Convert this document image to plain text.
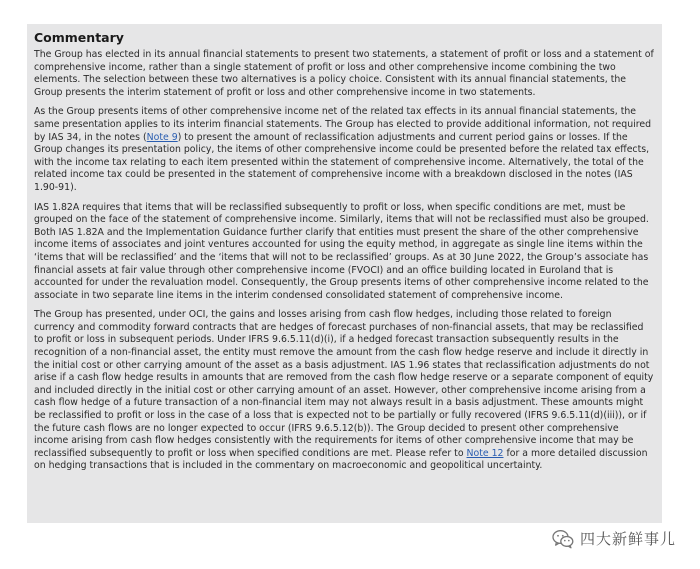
Commentary

The Group has elected in its annual financial statements to present two statements, a statement of profit or loss and a statement of comprehensive income, rather than a single statement of profit or loss and other comprehensive income combining the two elements. The selection between these two alternatives is a policy choice. Consistent with its annual financial statements, the Group presents the interim statement of profit or loss and other comprehensive income in two statements.

As the Group presents items of other comprehensive income net of the related tax effects in its annual financial statements, the same presentation applies to its interim financial statements. The Group has elected to provide additional information, not required by IAS 34, in the notes (Note 9) to present the amount of reclassification adjustments and current period gains or losses. If the Group changes its presentation policy, the items of other comprehensive income could be presented before the related tax effects, with the income tax relating to each item presented within the statement of comprehensive income. Alternatively, the total of the related income tax could be presented in the statement of comprehensive income with a breakdown disclosed in the notes (IAS 1.90-91).

IAS 1.82A requires that items that will be reclassified subsequently to profit or loss, when specific conditions are met, must be grouped on the face of the statement of comprehensive income. Similarly, items that will not be reclassified must also be grouped. Both IAS 1.82A and the Implementation Guidance further clarify that entities must present the share of the other comprehensive income items of associates and joint ventures accounted for using the equity method, in aggregate as single line items within the ‘items that will be reclassified’ and the ‘items that will not to be reclassified’ groups. As at 30 June 2022, the Group’s associate has financial assets at fair value through other comprehensive income (FVOCI) and an office building located in Euroland that is accounted for under the revaluation model. Consequently, the Group presents items of other comprehensive income related to the associate in two separate line items in the interim condensed consolidated statement of comprehensive income.

The Group has presented, under OCI, the gains and losses arising from cash flow hedges, including those related to foreign currency and commodity forward contracts that are hedges of forecast purchases of non-financial assets, that may be reclassified to profit or loss in subsequent periods. Under IFRS 9.6.5.11(d)(i), if a hedged forecast transaction subsequently results in the recognition of a non-financial asset, the entity must remove the amount from the cash flow hedge reserve and include it directly in the initial cost or other carrying amount of the asset as a basis adjustment. IAS 1.96 states that reclassification adjustments do not arise if a cash flow hedge results in amounts that are removed from the cash flow hedge reserve or a separate component of equity and included directly in the initial cost or other carrying amount of an asset. However, other comprehensive income arising from a cash flow hedge of a future transaction of a non-financial item may not always result in a basis adjustment. These amounts might be reclassified to profit or loss in the case of a loss that is expected not to be partially or fully recovered (IFRS 9.6.5.11(d)(iii)), or if the future cash flows are no longer expected to occur (IFRS 9.6.5.12(b)). The Group decided to present other comprehensive income arising from cash flow hedges consistently with the requirements for items of other comprehensive income that may be reclassified subsequently to profit or loss when specified conditions are met. Please refer to Note 12 for a more detailed discussion on hedging transactions that is included in the commentary on macroeconomic and geopolitical uncertainty.

四大新鲜事儿
